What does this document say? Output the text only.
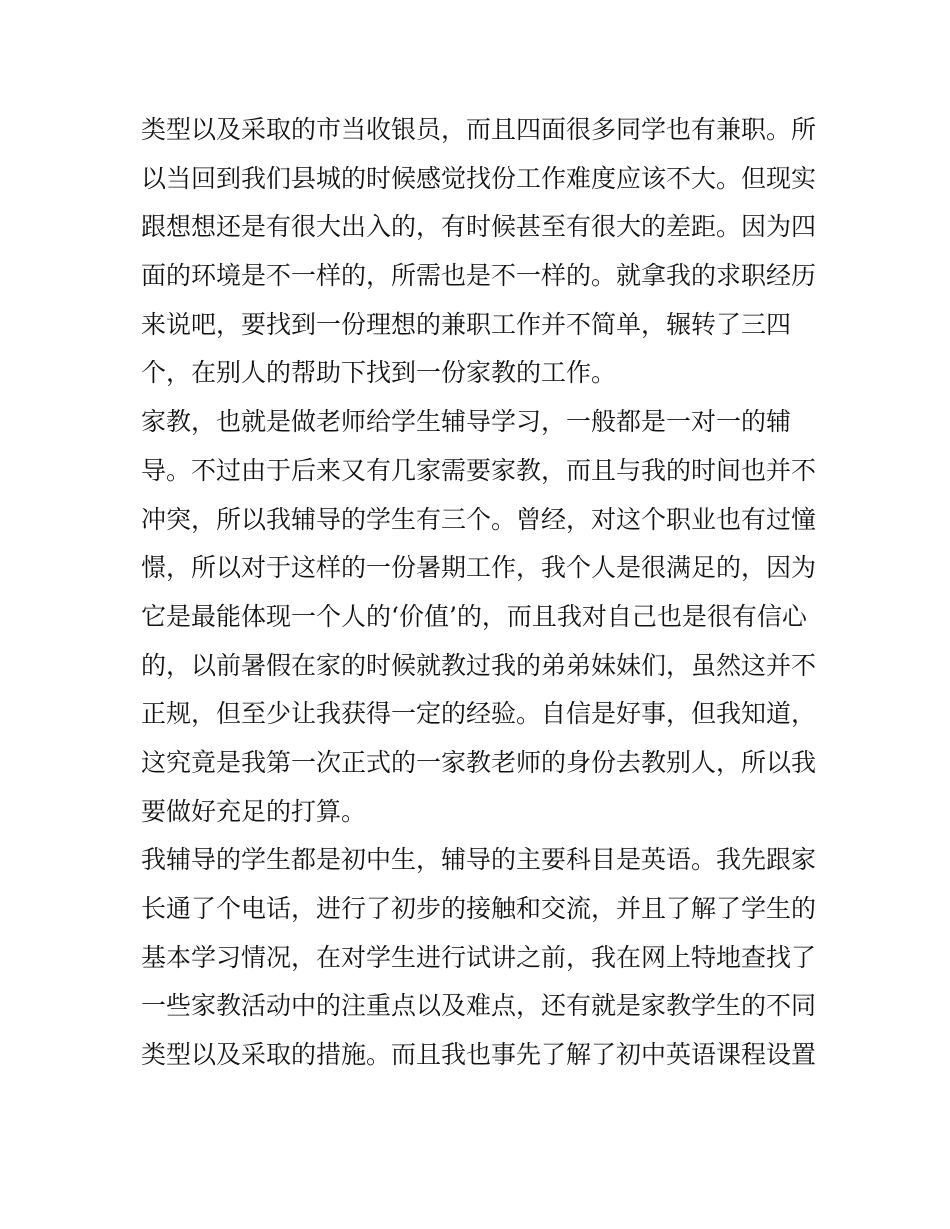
类型以及采取的市当收银员，而且四面很多同学也有兼职。所
以当回到我们县城的时候感觉找份工作难度应该不大。但现实
跟想想还是有很大出入的，有时候甚至有很大的差距。因为四
面的环境是不一样的，所需也是不一样的。就拿我的求职经历
来说吧，要找到一份理想的兼职工作并不简单，辗转了三四
个，在别人的帮助下找到一份家教的工作。
家教，也就是做老师给学生辅导学习，一般都是一对一的辅
导。不过由于后来又有几家需要家教，而且与我的时间也并不
冲突，所以我辅导的学生有三个。曾经，对这个职业也有过憧
憬，所以对于这样的一份暑期工作，我个人是很满足的，因为
它是最能体现一个人的‘价值’的，而且我对自己也是很有信心
的，以前暑假在家的时候就教过我的弟弟妹妹们，虽然这并不
正规，但至少让我获得一定的经验。自信是好事，但我知道，
这究竟是我第一次正式的一家教老师的身份去教别人，所以我
要做好充足的打算。
我辅导的学生都是初中生，辅导的主要科目是英语。我先跟家
长通了个电话，进行了初步的接触和交流，并且了解了学生的
基本学习情况，在对学生进行试讲之前，我在网上特地查找了
一些家教活动中的注重点以及难点，还有就是家教学生的不同
类型以及采取的措施。而且我也事先了解了初中英语课程设置
